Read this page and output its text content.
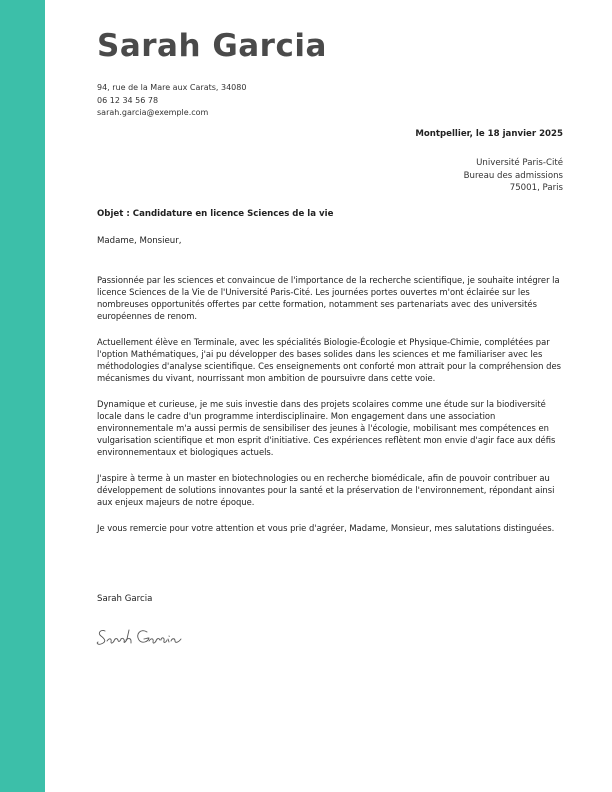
Sarah Garcia
94, rue de la Mare aux Carats, 34080
06 12 34 56 78
sarah.garcia@exemple.com
Montpellier, le 18 janvier 2025
Université Paris-Cité
Bureau des admissions
75001, Paris
Objet : Candidature en licence Sciences de la vie
Madame, Monsieur,

Passionnée par les sciences et convaincue de l'importance de la recherche scientifique, je souhaite intégrer la licence Sciences de la Vie de l'Université Paris-Cité. Les journées portes ouvertes m'ont éclairée sur les nombreuses opportunités offertes par cette formation, notamment ses partenariats avec des universités européennes de renom.

Actuellement élève en Terminale, avec les spécialités Biologie-Écologie et Physique-Chimie, complétées par l'option Mathématiques, j'ai pu développer des bases solides dans les sciences et me familiariser avec les méthodologies d'analyse scientifique. Ces enseignements ont conforté mon attrait pour la compréhension des mécanismes du vivant, nourrissant mon ambition de poursuivre dans cette voie.

Dynamique et curieuse, je me suis investie dans des projets scolaires comme une étude sur la biodiversité locale dans le cadre d'un programme interdisciplinaire. Mon engagement dans une association environnementale m'a aussi permis de sensibiliser des jeunes à l'écologie, mobilisant mes compétences en vulgarisation scientifique et mon esprit d'initiative. Ces expériences reflètent mon envie d'agir face aux défis environnementaux et biologiques actuels.

J'aspire à terme à un master en biotechnologies ou en recherche biomédicale, afin de pouvoir contribuer au développement de solutions innovantes pour la santé et la préservation de l'environnement, répondant ainsi aux enjeux majeurs de notre époque.

Je vous remercie pour votre attention et vous prie d'agréer, Madame, Monsieur, mes salutations distinguées.

Sarah Garcia
